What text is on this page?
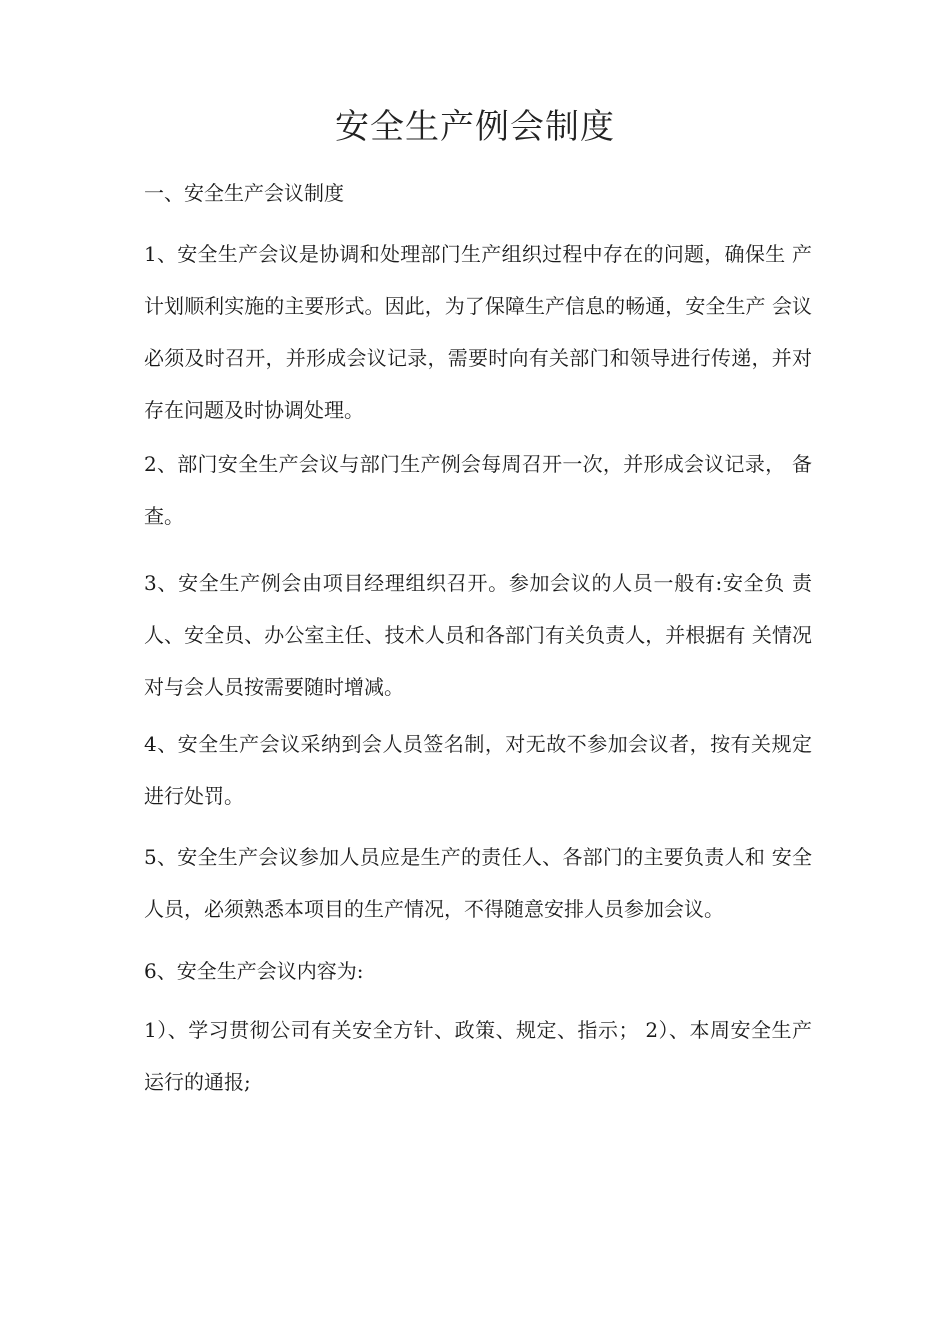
安全生产例会制度
一、安全生产会议制度
1、安全生产会议是协调和处理部门生产组织过程中存在的问题，确保生 产计划顺利实施的主要形式。因此，为了保障生产信息的畅通，安全生产 会议必须及时召开，并形成会议记录，需要时向有关部门和领导进行传递，并对存在问题及时协调处理。
2、部门安全生产会议与部门生产例会每周召开一次，并形成会议记录， 备查。
3、安全生产例会由项目经理组织召开。参加会议的人员一般有:安全负 责人、安全员、办公室主任、技术人员和各部门有关负责人，并根据有 关情况对与会人员按需要随时增减。
4、安全生产会议采纳到会人员签名制，对无故不参加会议者，按有关规定进行处罚。
5、安全生产会议参加人员应是生产的责任人、各部门的主要负责人和 安全人员，必须熟悉本项目的生产情况，不得随意安排人员参加会议。
6、安全生产会议内容为:
1）、学习贯彻公司有关安全方针、政策、规定、指示； 2）、本周安全生产运行的通报;
